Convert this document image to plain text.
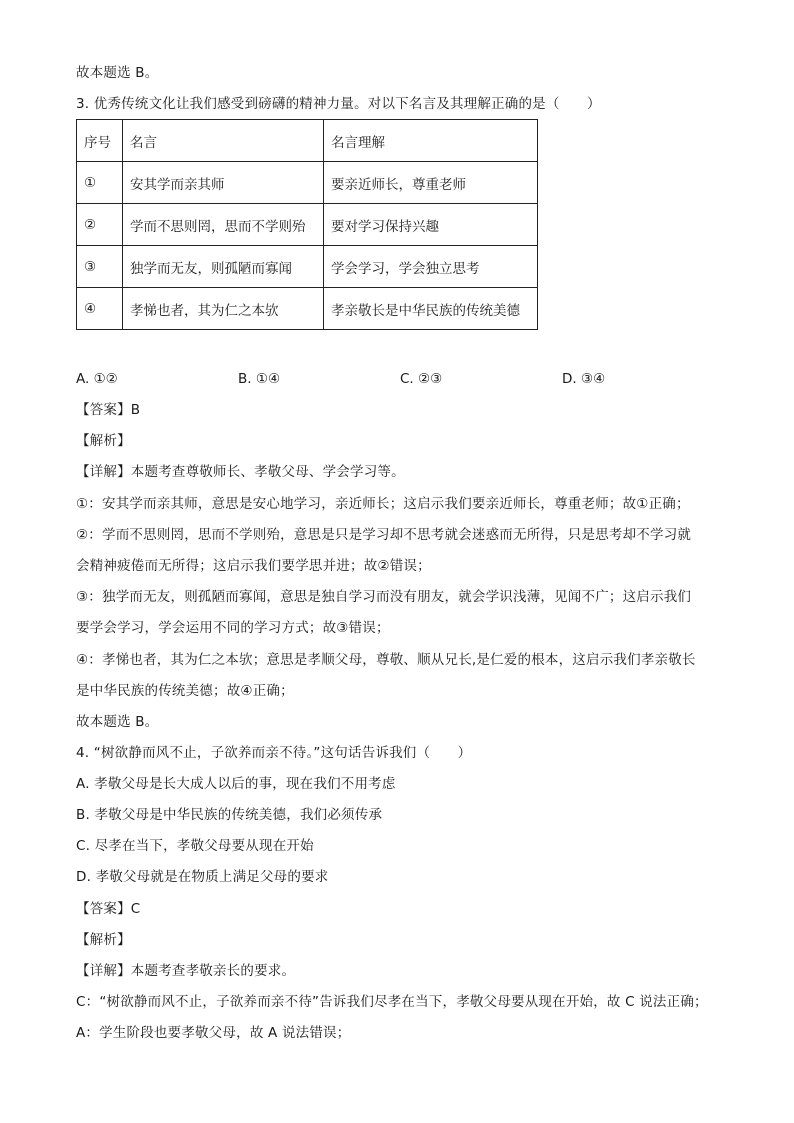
故本题选 B。
3. 优秀传统文化让我们感受到磅礴的精神力量。对以下名言及其理解正确的是（　　）
序号	名言	名言理解
①	安其学而亲其师	要亲近师长，尊重老师
②	学而不思则罔，思而不学则殆	要对学习保持兴趣
③	独学而无友，则孤陋而寡闻	学会学习，学会独立思考
④	孝悌也者，其为仁之本欤	孝亲敬长是中华民族的传统美德
A. ①②	B. ①④	C. ②③	D. ③④
【答案】B
【解析】
【详解】本题考查尊敬师长、孝敬父母、学会学习等。
①：安其学而亲其师，意思是安心地学习，亲近师长；这启示我们要亲近师长，尊重老师；故①正确；
②：学而不思则罔，思而不学则殆，意思是只是学习却不思考就会迷惑而无所得，只是思考却不学习就
会精神疲倦而无所得；这启示我们要学思并进；故②错误；
③：独学而无友，则孤陋而寡闻，意思是独自学习而没有朋友，就会学识浅薄，见闻不广；这启示我们
要学会学习，学会运用不同的学习方式；故③错误；
④：孝悌也者，其为仁之本欤；意思是孝顺父母，尊敬、顺从兄长,是仁爱的根本，这启示我们孝亲敬长
是中华民族的传统美德；故④正确；
故本题选 B。
4. “树欲静而风不止，子欲养而亲不待。”这句话告诉我们（　　）
A. 孝敬父母是长大成人以后的事，现在我们不用考虑
B. 孝敬父母是中华民族的传统美德，我们必须传承
C. 尽孝在当下，孝敬父母要从现在开始
D. 孝敬父母就是在物质上满足父母的要求
【答案】C
【解析】
【详解】本题考查孝敬亲长的要求。
C：“树欲静而风不止，子欲养而亲不待”告诉我们尽孝在当下，孝敬父母要从现在开始，故 C 说法正确；
A：学生阶段也要孝敬父母，故 A 说法错误；
